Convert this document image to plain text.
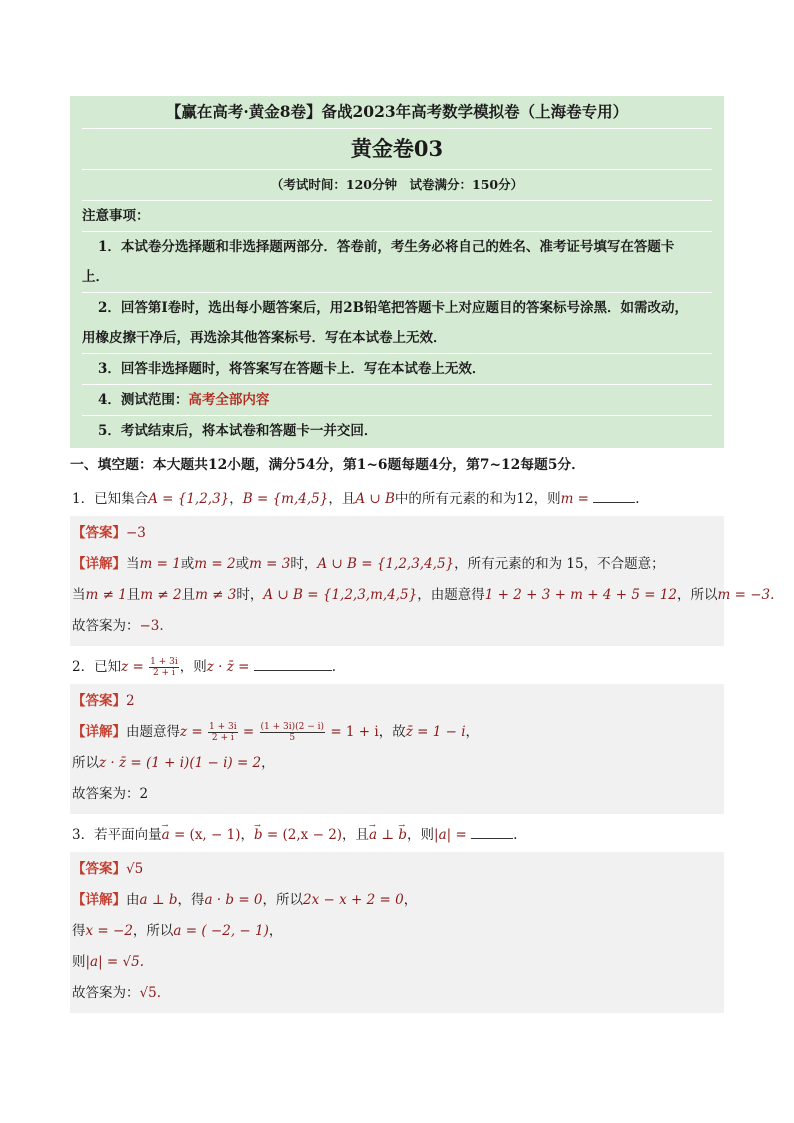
【赢在高考·黄金8卷】备战2023年高考数学模拟卷（上海卷专用）
黄金卷03
（考试时间：120分钟　试卷满分：150分）
注意事项：
1．本试卷分选择题和非选择题两部分．答卷前，考生务必将自己的姓名、准考证号填写在答题卡
上．
2．回答第Ⅰ卷时，选出每小题答案后，用2B铅笔把答题卡上对应题目的答案标号涂黑．如需改动，
用橡皮擦干净后，再选涂其他答案标号．写在本试卷上无效．
3．回答非选择题时，将答案写在答题卡上．写在本试卷上无效．
4．测试范围：高考全部内容
5．考试结束后，将本试卷和答题卡一并交回．
一、填空题：本大题共12小题，满分54分，第1~6题每题4分，第7~12每题5分．
1．已知集合A = {1,2,3}，B = {m,4,5}，且A ∪ B中的所有元素的和为12，则m =	.
【答案】−3
【详解】当m = 1或m = 2或m = 3时，A ∪ B = {1,2,3,4,5}，所有元素的和为 15，不合题意；
当m ≠ 1且m ≠ 2且m ≠ 3时，A ∪ B = {1,2,3,m,4,5}，由题意得1 + 2 + 3 + m + 4 + 5 = 12，所以m = −3.
故答案为：−3.
2．已知$z = \frac{1 + 3i}{2 + i}$ ，则z · z̄ =	.
【答案】2
【详解】由题意得$z = \frac{1 + 3i}{2 + i} = \frac{(1 + 3i)(2 - i)}{5} = 1 + i$，故z̄ = 1 − i，
所以z · z̄ = (1 + i)(1 − i) = 2，
故答案为：2
3．若平面向量→ a = (x, − 1)，→ b = (2,x − 2)，且→ a ⊥ → b，则|a| =	.
【答案】√5
【详解】由a ⊥ b，得a · b = 0，所以2x − x + 2 = 0，
得x = −2，所以a = ( −2, − 1)，
则|a| = √5.
故答案为：√5.
